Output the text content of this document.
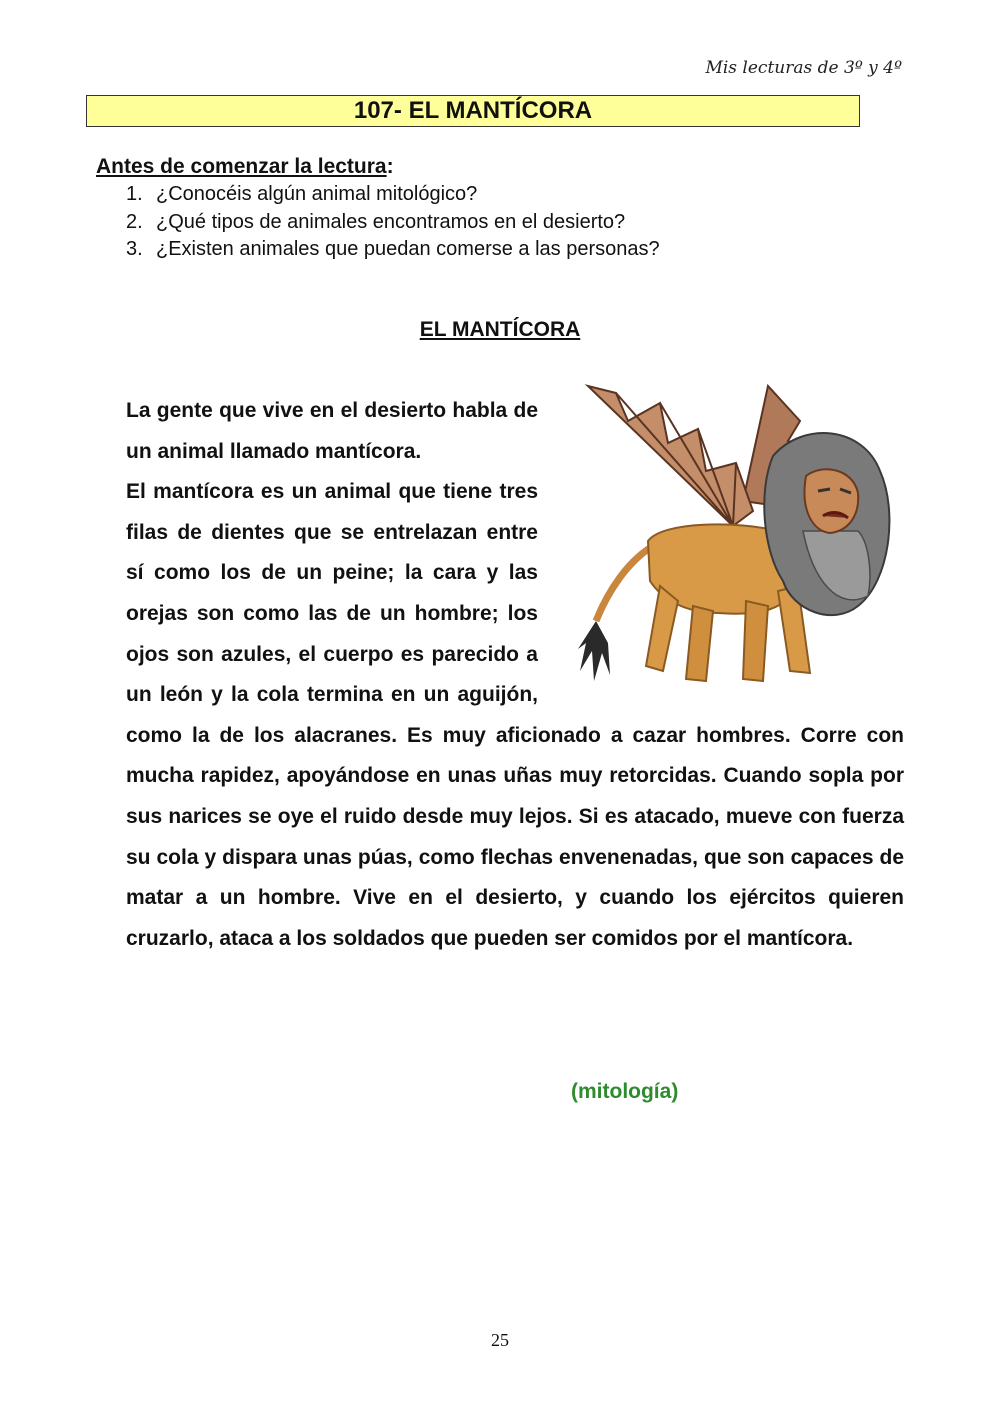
Mis lecturas de 3º y 4º
107- EL MANTÍCORA
Antes de comenzar la lectura:
1. ¿Conocéis algún animal mitológico?
2. ¿Qué tipos de animales encontramos en el desierto?
3. ¿Existen animales que puedan comerse a las personas?
EL MANTÍCORA
La gente que vive en el desierto habla de un animal llamado mantícora.
El mantícora es un animal que tiene tres filas de dientes que se entrelazan entre sí como los de un peine; la cara y las orejas son como las de un hombre; los ojos son azules, el cuerpo es parecido a un león y la cola termina en un aguijón, como la de los alacranes. Es muy aficionado a cazar hombres. Corre con mucha rapidez, apoyándose en unas uñas muy retorcidas. Cuando sopla por sus narices se oye el ruido desde muy lejos. Si es atacado, mueve con fuerza su cola y dispara unas púas, como flechas envenenadas, que son capaces de matar a un hombre. Vive en el desierto, y cuando los ejércitos quieren cruzarlo, ataca a los soldados que pueden ser comidos por el mantícora.
(mitología)
25
